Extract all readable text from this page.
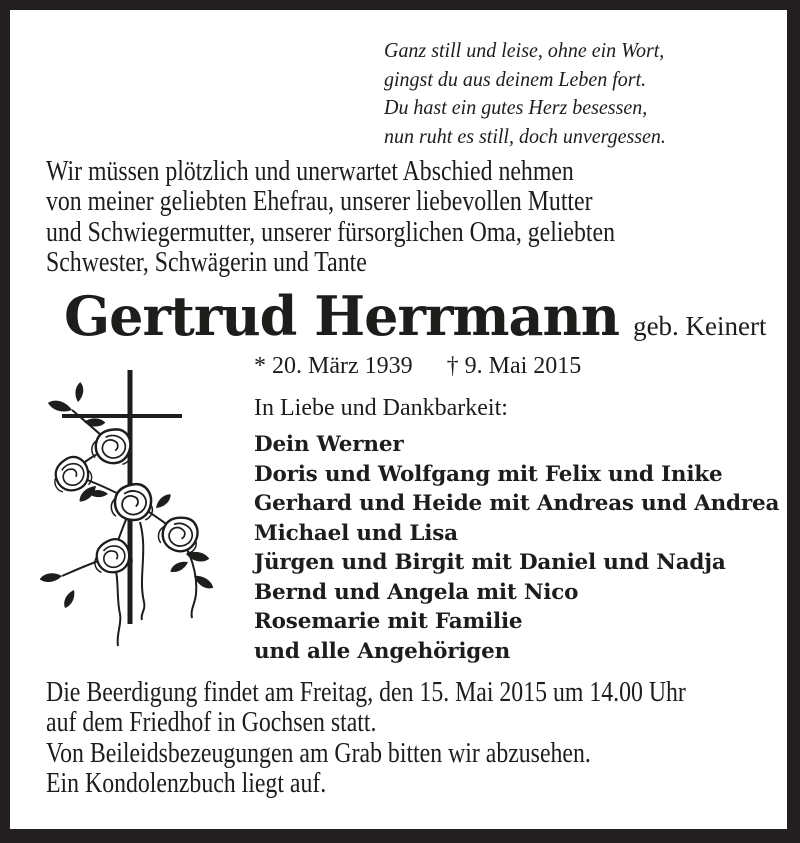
Ganz still und leise, ohne ein Wort,
gingst du aus deinem Leben fort.
Du hast ein gutes Herz besessen,
nun ruht es still, doch unvergessen.
Wir müssen plötzlich und unerwartet Abschied nehmen
von meiner geliebten Ehefrau, unserer liebevollen Mutter
und Schwiegermutter, unserer fürsorglichen Oma, geliebten
Schwester, Schwägerin und Tante
Gertrud Herrmann geb. Keinert
* 20. März 1939 † 9. Mai 2015
In Liebe und Dankbarkeit:
Dein Werner
Doris und Wolfgang mit Felix und Inike
Gerhard und Heide mit Andreas und Andrea
Michael und Lisa
Jürgen und Birgit mit Daniel und Nadja
Bernd und Angela mit Nico
Rosemarie mit Familie
und alle Angehörigen
Die Beerdigung findet am Freitag, den 15. Mai 2015 um 14.00 Uhr
auf dem Friedhof in Gochsen statt.
Von Beileidsbezeugungen am Grab bitten wir abzusehen.
Ein Kondolenzbuch liegt auf.
